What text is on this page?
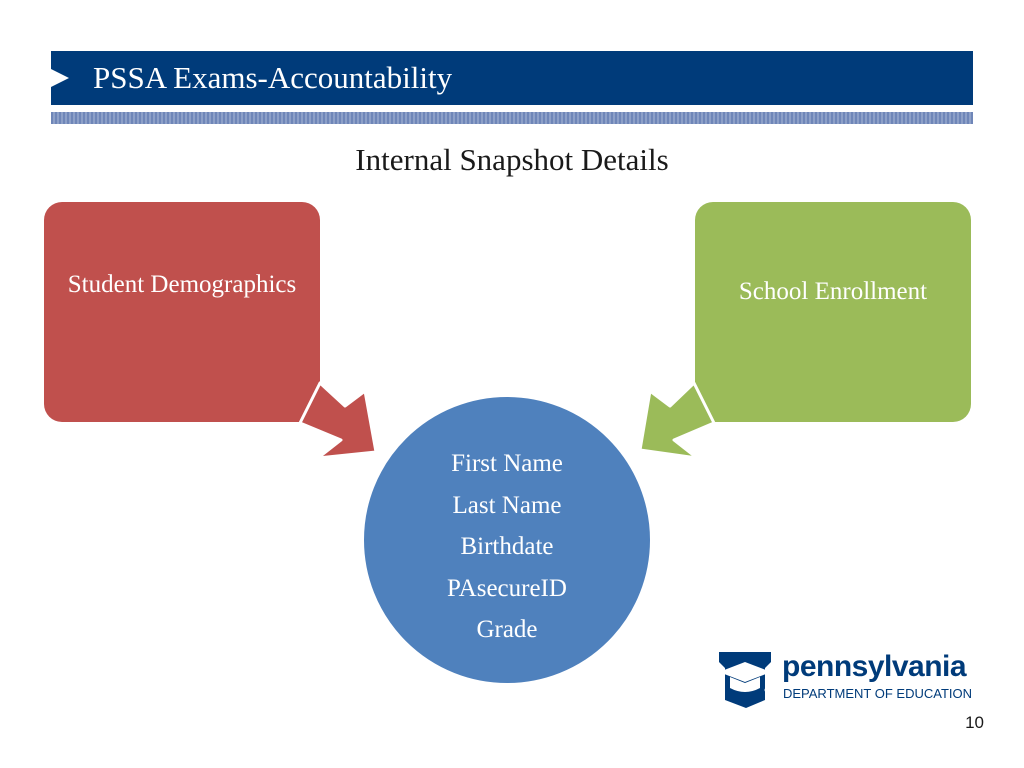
PSSA Exams-Accountability
Internal Snapshot Details
Student Demographics	School Enrollment
First Name
Last Name
Birthdate
PAsecureID
Grade
pennsylvania
DEPARTMENT OF EDUCATION
10
